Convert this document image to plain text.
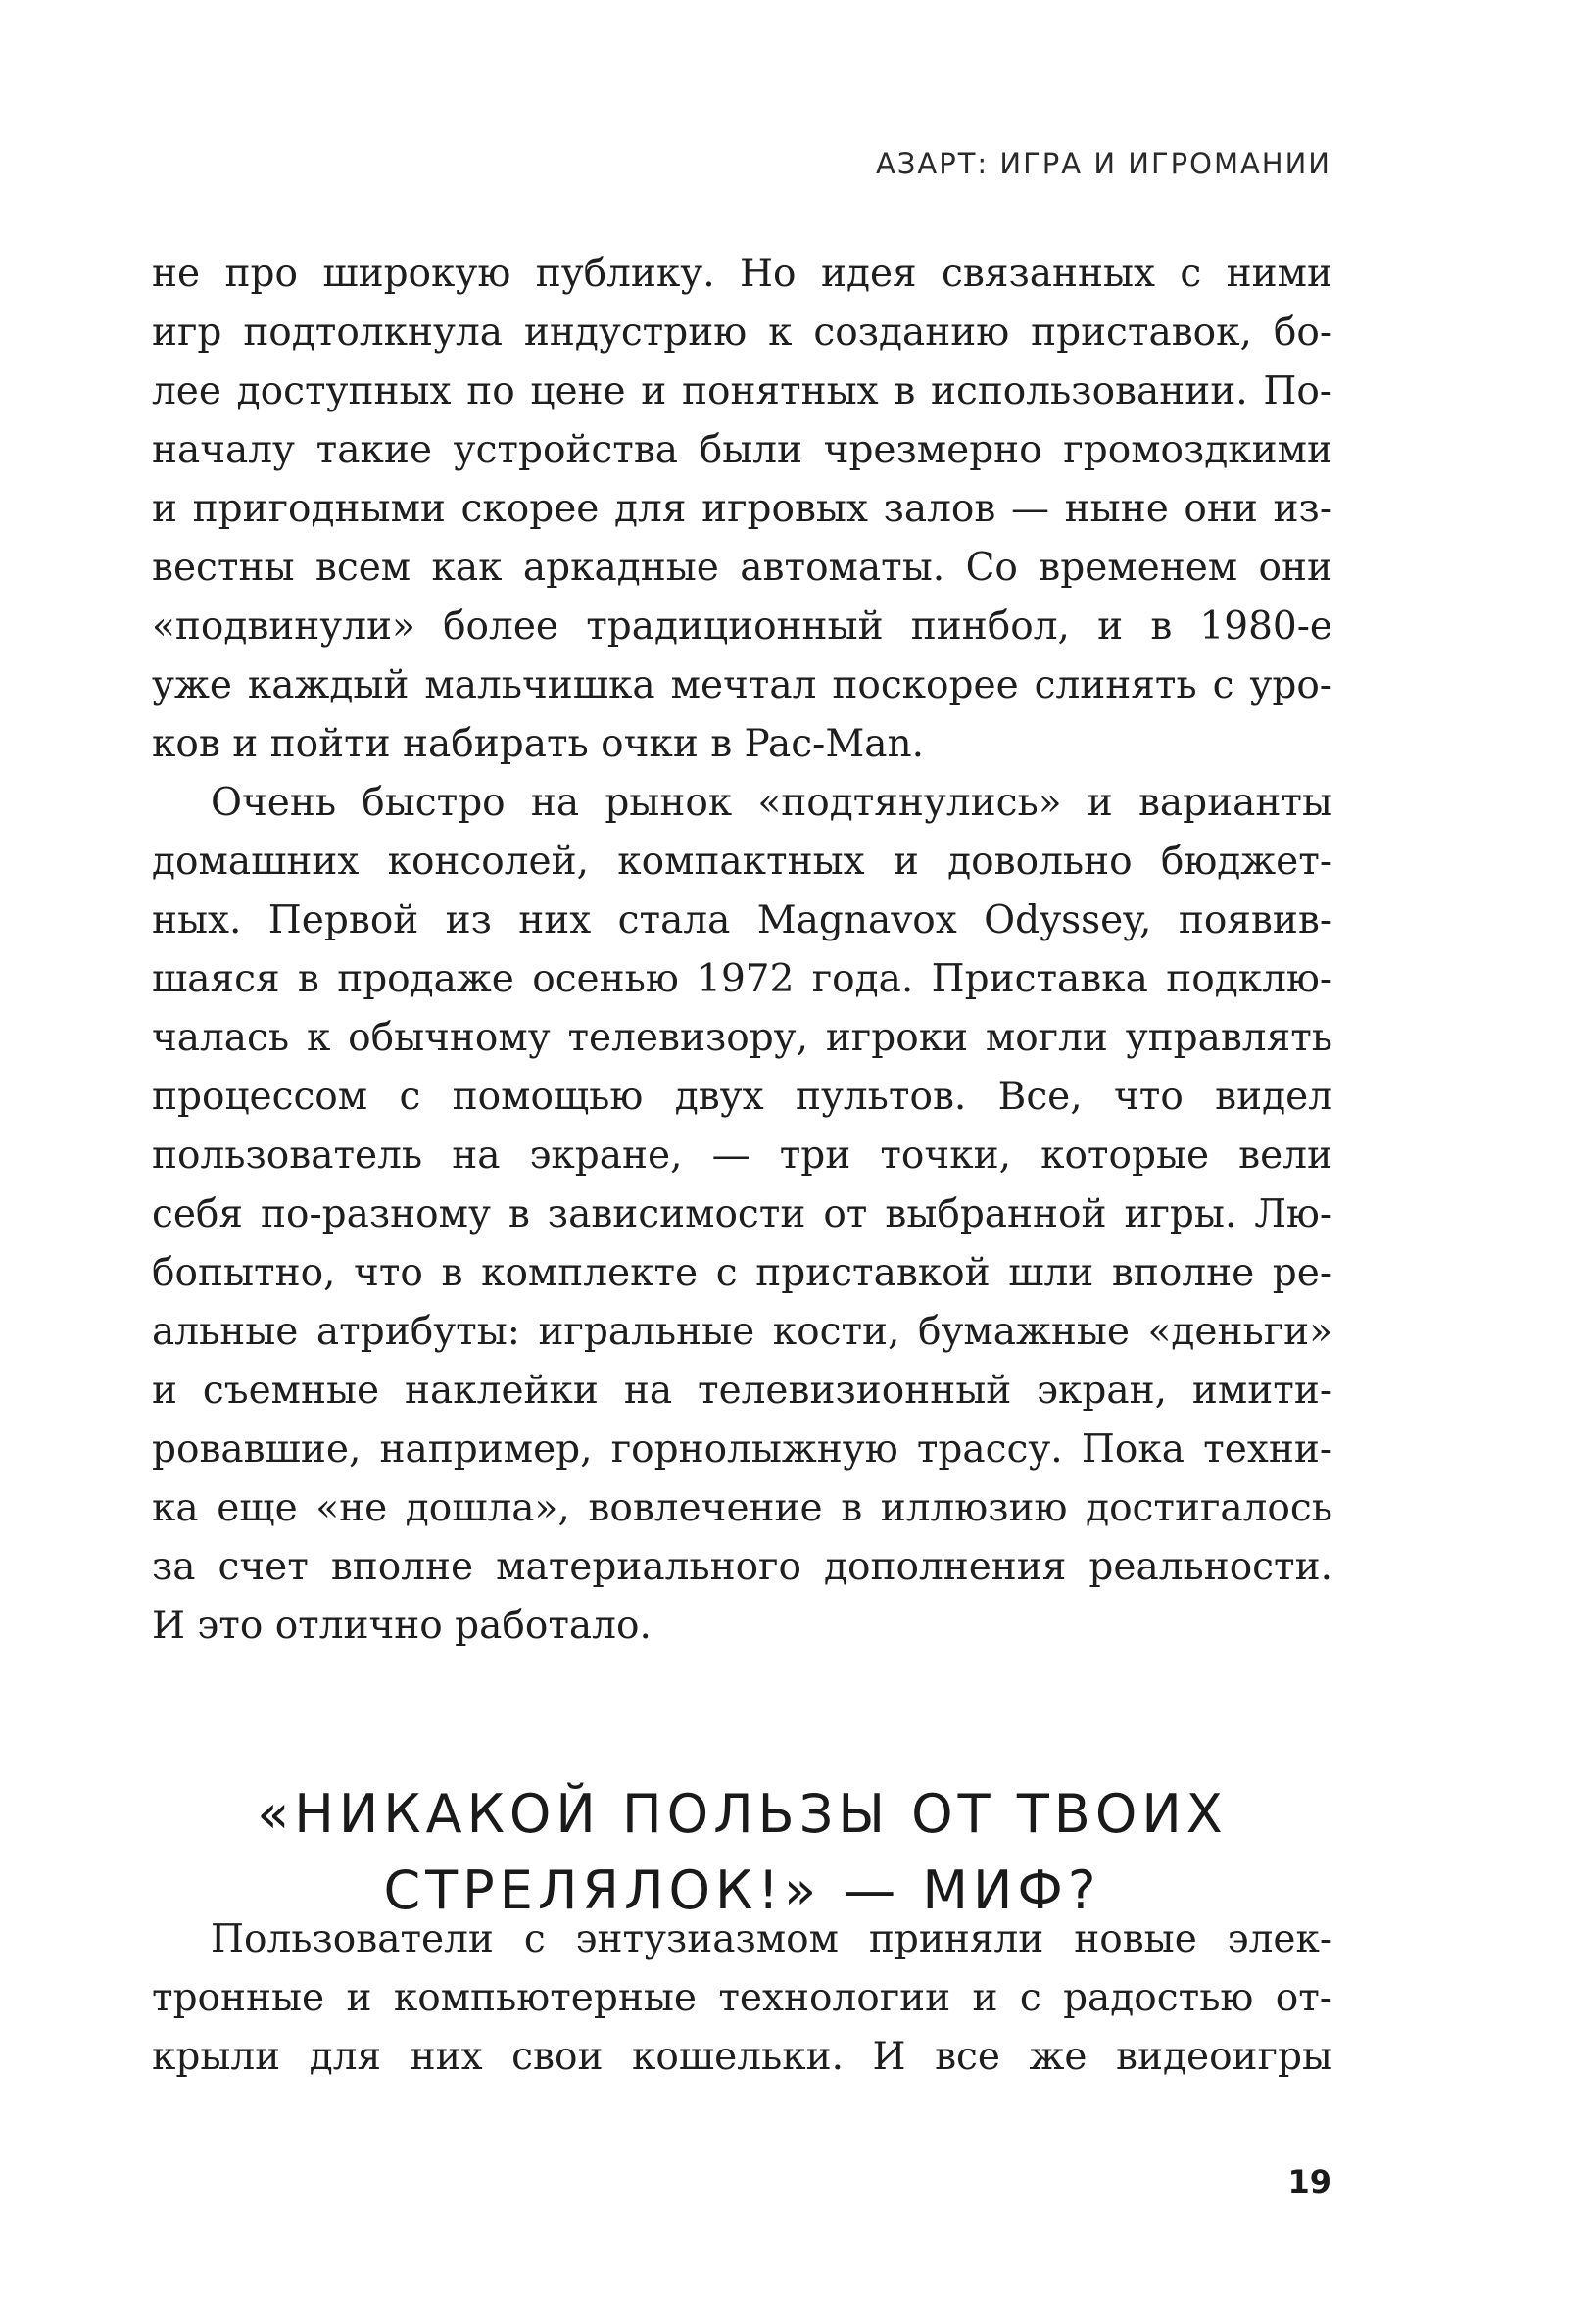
АЗАРТ: ИГРА И ИГРОМАНИИ
не про широкую публику. Но идея связанных с ними
игр подтолкнула индустрию к созданию приставок, бо-
лее доступных по цене и понятных в использовании. По-
началу такие устройства были чрезмерно громоздкими
и пригодными скорее для игровых залов — ныне они из-
вестны всем как аркадные автоматы. Со временем они
«подвинули» более традиционный пинбол, и в 1980-е
уже каждый мальчишка мечтал поскорее слинять с уро-
ков и пойти набирать очки в Pac-Man.
Очень быстро на рынок «подтянулись» и варианты
домашних консолей, компактных и довольно бюджет-
ных. Первой из них стала Magnavox Odyssey, появив-
шаяся в продаже осенью 1972 года. Приставка подклю-
чалась к обычному телевизору, игроки могли управлять
процессом с помощью двух пультов. Все, что видел
пользователь на экране, — три точки, которые вели
себя по-разному в зависимости от выбранной игры. Лю-
бопытно, что в комплекте с приставкой шли вполне ре-
альные атрибуты: игральные кости, бумажные «деньги»
и съемные наклейки на телевизионный экран, имити-
ровавшие, например, горнолыжную трассу. Пока техни-
ка еще «не дошла», вовлечение в иллюзию достигалось
за счет вполне материального дополнения реальности.
И это отлично работало.
«НИКАКОЙ ПОЛЬЗЫ ОТ ТВОИХ
СТРЕЛЯЛОК!» — МИФ?
Пользователи с энтузиазмом приняли новые элек-
тронные и компьютерные технологии и с радостью от-
крыли для них свои кошельки. И все же видеоигры
19
